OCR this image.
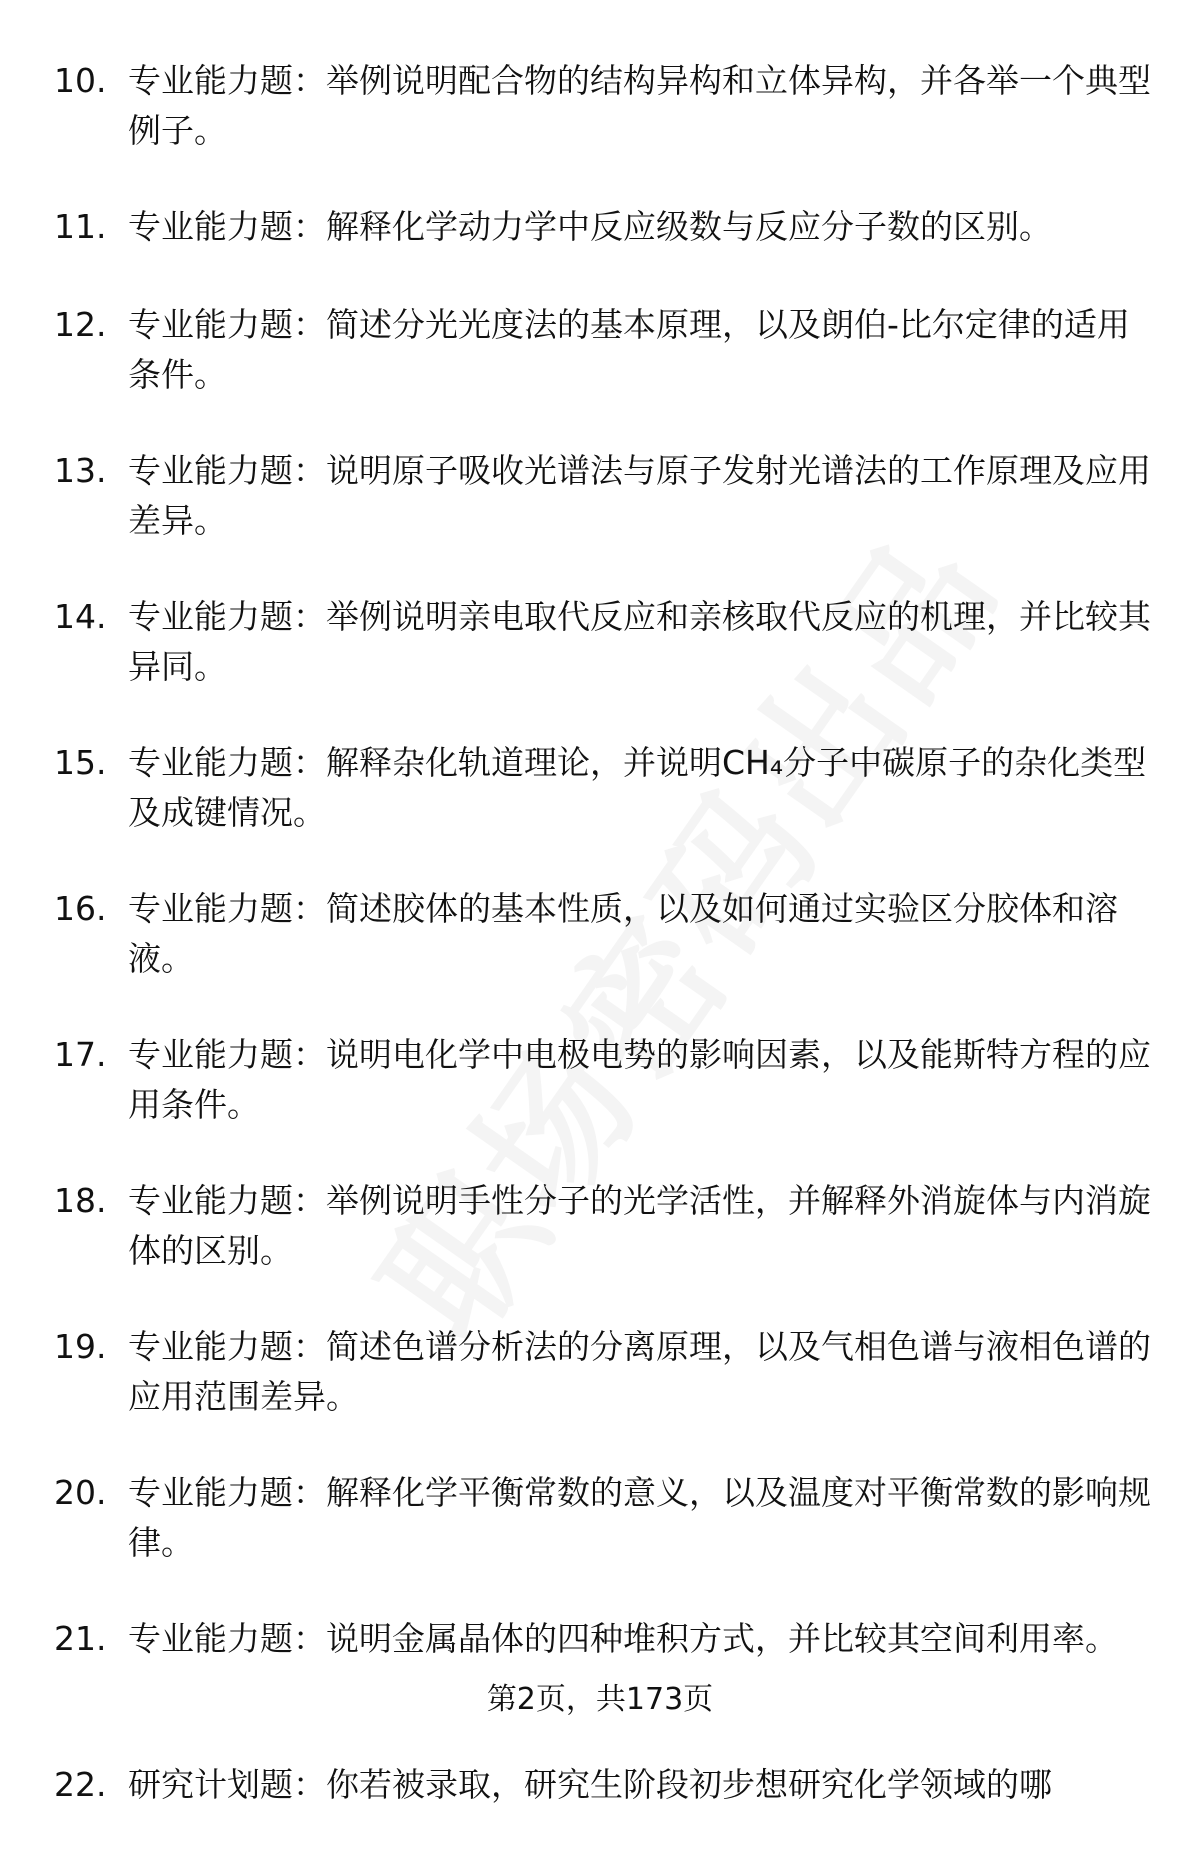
10. 专业能力题：举例说明配合物的结构异构和立体异构，并各举一个典型例子。

11. 专业能力题：解释化学动力学中反应级数与反应分子数的区别。

12. 专业能力题：简述分光光度法的基本原理，以及朗伯-比尔定律的适用条件。

13. 专业能力题：说明原子吸收光谱法与原子发射光谱法的工作原理及应用差异。

14. 专业能力题：举例说明亲电取代反应和亲核取代反应的机理，并比较其异同。

15. 专业能力题：解释杂化轨道理论，并说明CH₄分子中碳原子的杂化类型及成键情况。

16. 专业能力题：简述胶体的基本性质，以及如何通过实验区分胶体和溶液。

17. 专业能力题：说明电化学中电极电势的影响因素，以及能斯特方程的应用条件。

18. 专业能力题：举例说明手性分子的光学活性，并解释外消旋体与内消旋体的区别。

19. 专业能力题：简述色谱分析法的分离原理，以及气相色谱与液相色谱的应用范围差异。

20. 专业能力题：解释化学平衡常数的意义，以及温度对平衡常数的影响规律。

21. 专业能力题：说明金属晶体的四种堆积方式，并比较其空间利用率。

22. 研究计划题：你若被录取，研究生阶段初步想研究化学领域的哪

第2页，共173页
